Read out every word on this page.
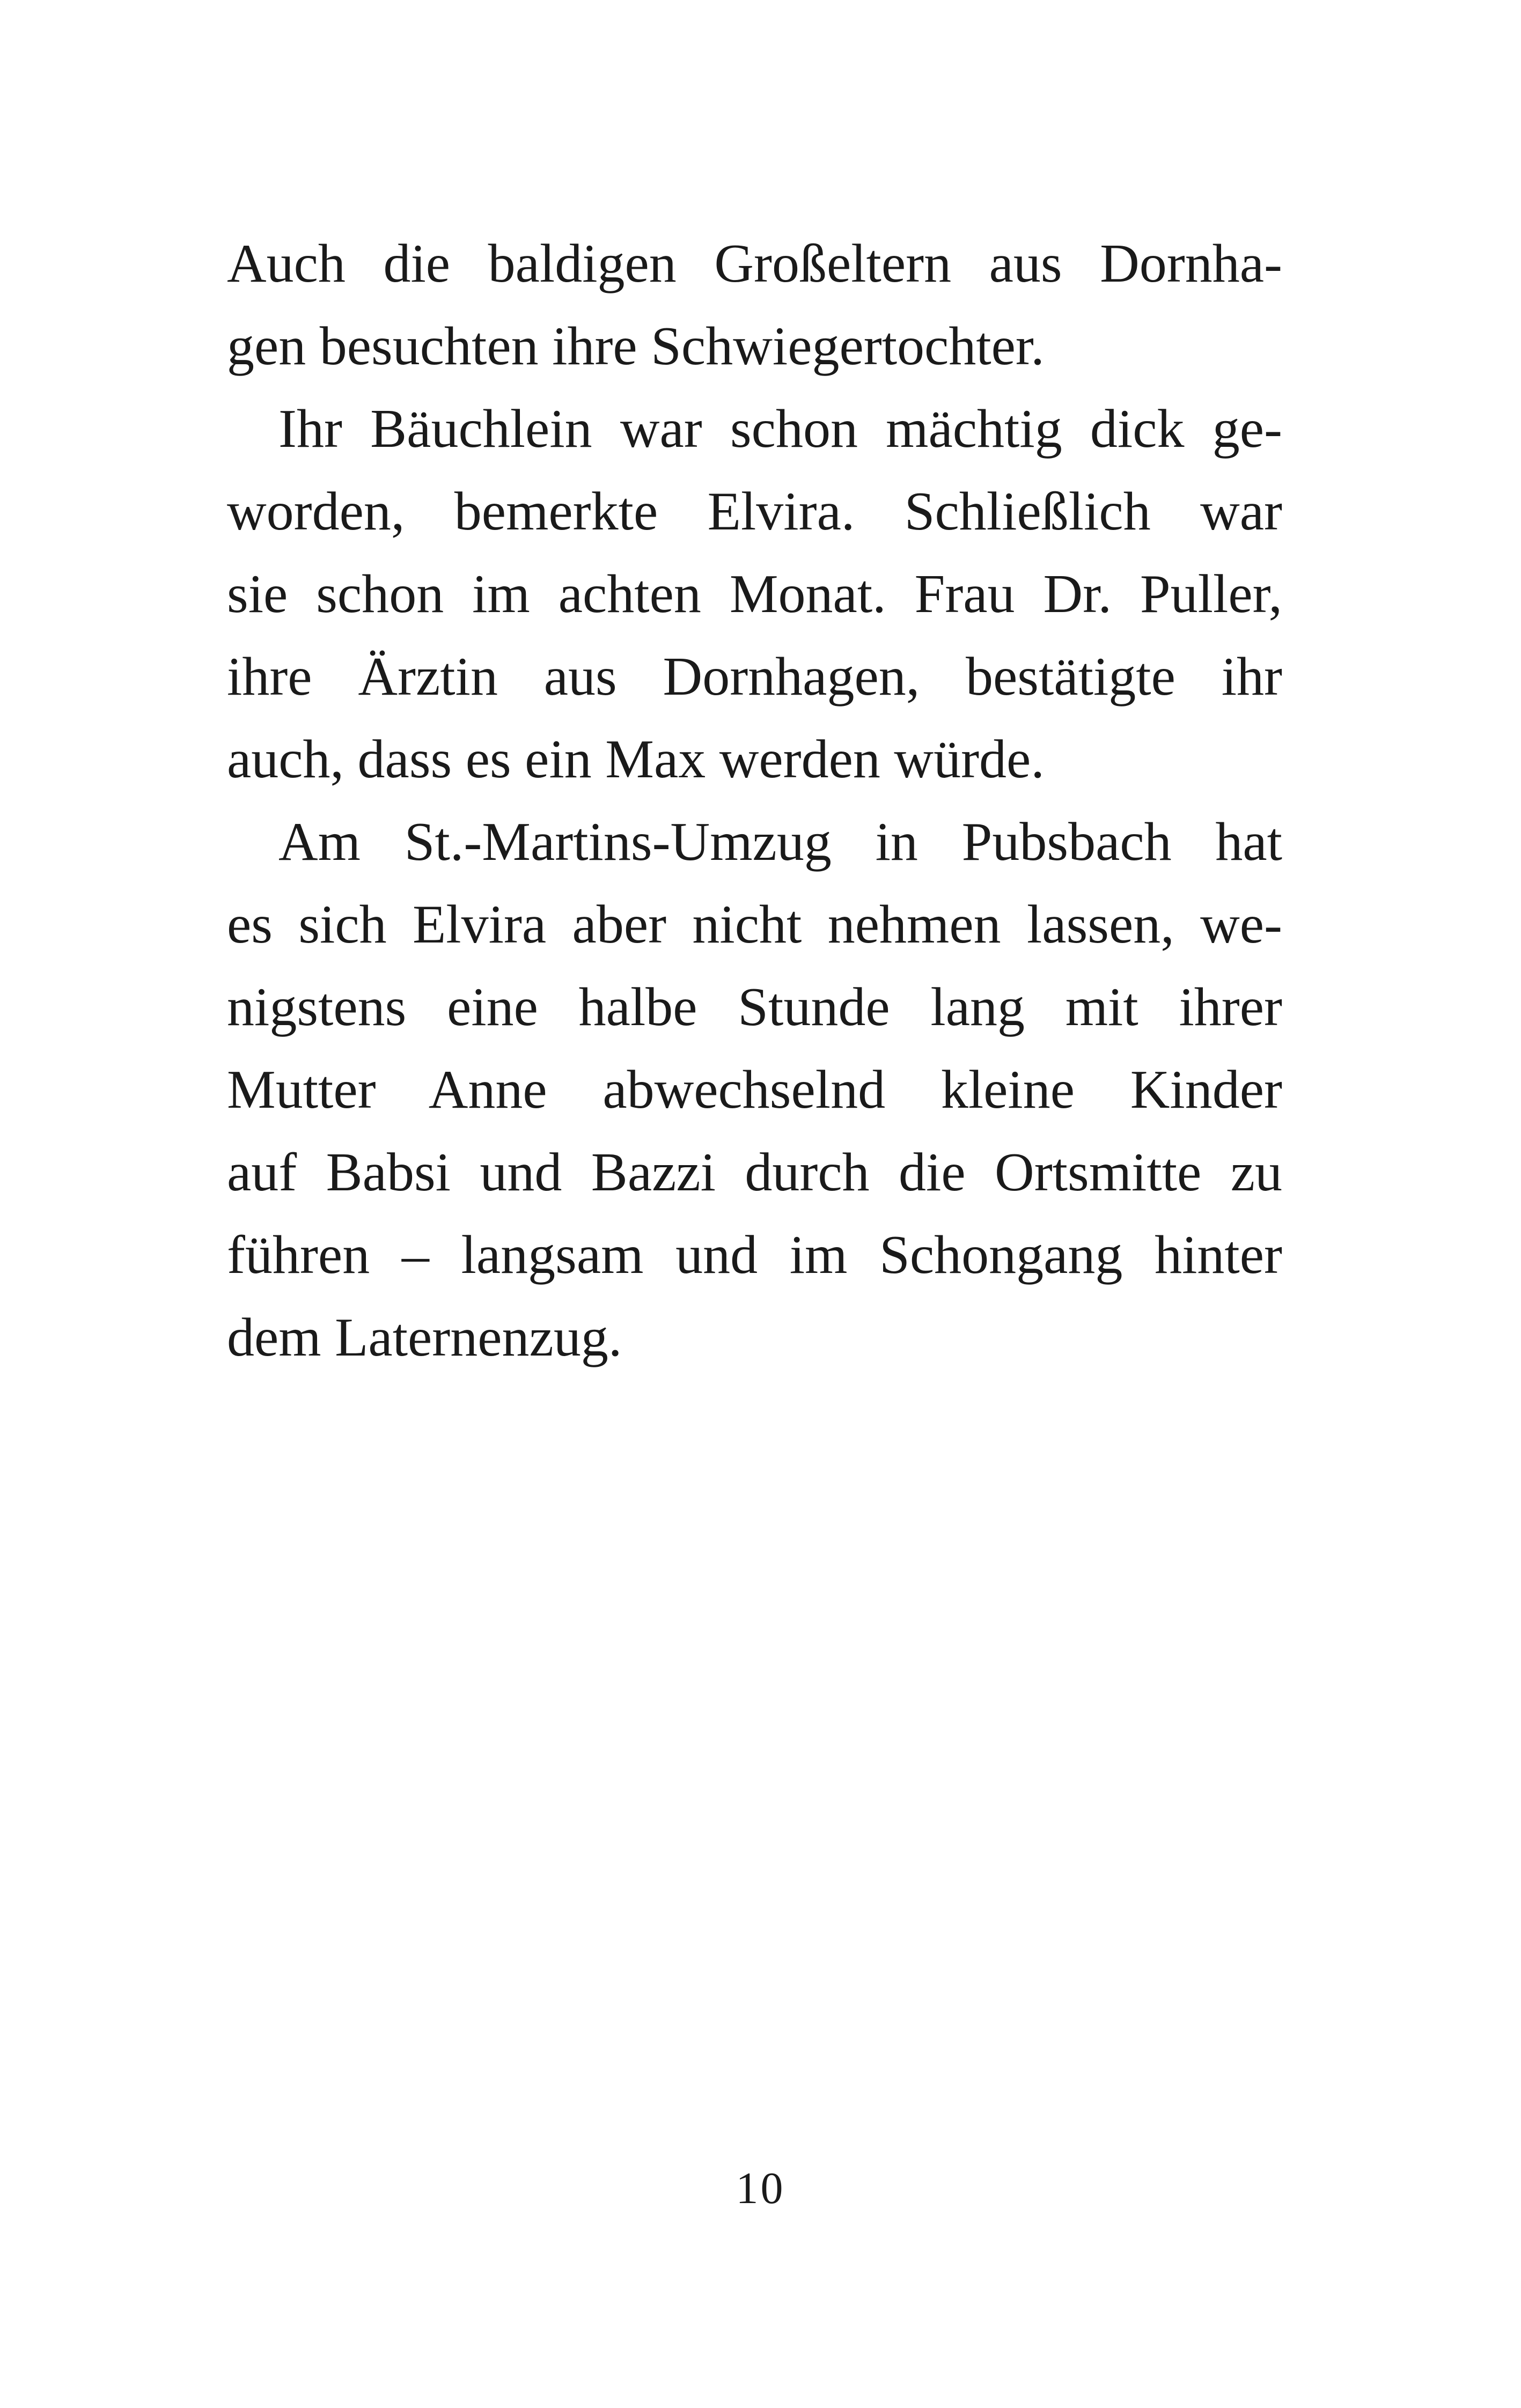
Auch die baldigen Großeltern aus Dornha-
gen besuchten ihre Schwiegertochter.
Ihr Bäuchlein war schon mächtig dick ge-
worden, bemerkte Elvira. Schließlich war
sie schon im achten Monat. Frau Dr. Puller,
ihre Ärztin aus Dornhagen, bestätigte ihr
auch, dass es ein Max werden würde.
Am St.-Martins-Umzug in Pubsbach hat
es sich Elvira aber nicht nehmen lassen, we-
nigstens eine halbe Stunde lang mit ihrer
Mutter Anne abwechselnd kleine Kinder
auf Babsi und Bazzi durch die Ortsmitte zu
führen – langsam und im Schongang hinter
dem Laternenzug.
10
